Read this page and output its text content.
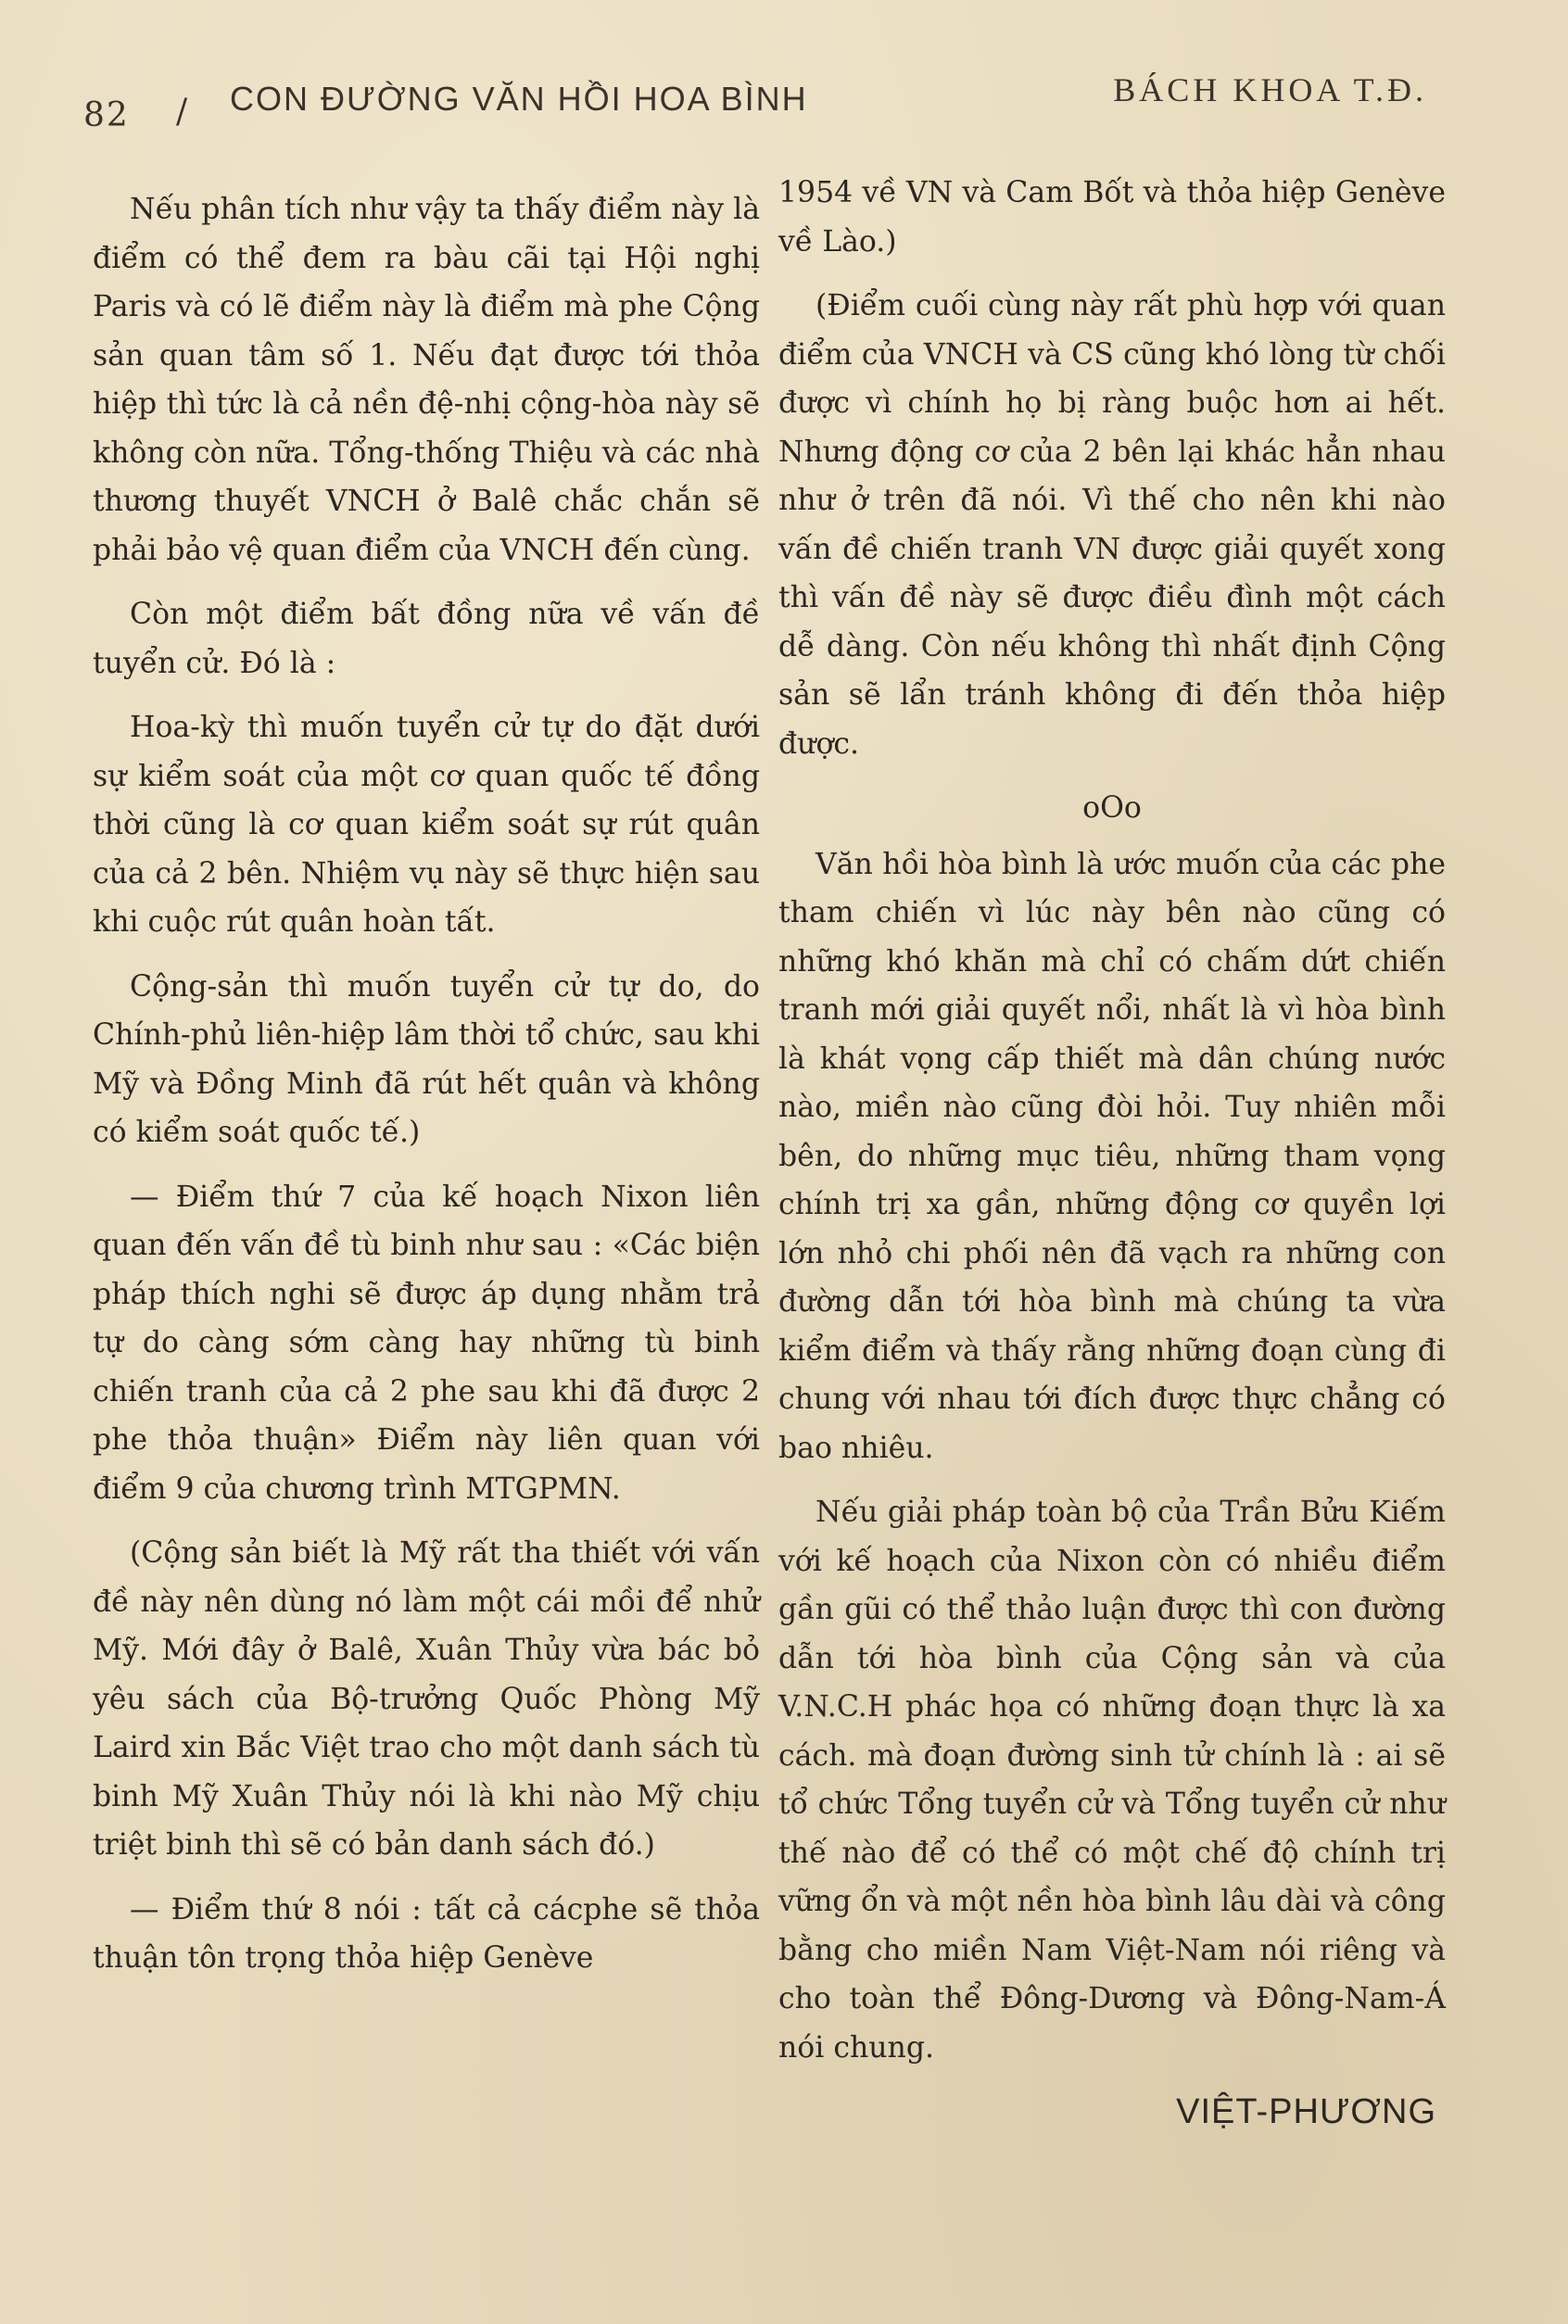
82 / CON ĐƯỜNG VĂN HỒI HOA BÌNH	BÁCH KHOA T.Đ.

Nếu phân tích như vậy ta thấy điểm này là điểm có thể đem ra bàu cãi tại Hội nghị Paris và có lẽ điểm này là điểm mà phe Cộng sản quan tâm số 1. Nếu đạt được tới thỏa hiệp thì tức là cả nền đệ-nhị cộng-hòa này sẽ không còn nữa. Tổng-thống Thiệu và các nhà thương thuyết VNCH ở Balê chắc chắn sẽ phải bảo vệ quan điểm của VNCH đến cùng.

Còn một điểm bất đồng nữa về vấn đề tuyển cử. Đó là :

Hoa-kỳ thì muốn tuyển cử tự do đặt dưới sự kiểm soát của một cơ quan quốc tế đồng thời cũng là cơ quan kiểm soát sự rút quân của cả 2 bên. Nhiệm vụ này sẽ thực hiện sau khi cuộc rút quân hoàn tất.

Cộng-sản thì muốn tuyển cử tự do, do Chính-phủ liên-hiệp lâm thời tổ chức, sau khi Mỹ và Đồng Minh đã rút hết quân và không có kiểm soát quốc tế.)

— Điểm thứ 7 của kế hoạch Nixon liên quan đến vấn đề tù binh như sau : «Các biện pháp thích nghi sẽ được áp dụng nhằm trả tự do càng sớm càng hay những tù binh chiến tranh của cả 2 phe sau khi đã được 2 phe thỏa thuận» Điểm này liên quan với điểm 9 của chương trình MTGPMN.

(Cộng sản biết là Mỹ rất tha thiết với vấn đề này nên dùng nó làm một cái mồi để nhử Mỹ. Mới đây ở Balê, Xuân Thủy vừa bác bỏ yêu sách của Bộ-trưởng Quốc Phòng Mỹ Laird xin Bắc Việt trao cho một danh sách tù binh Mỹ Xuân Thủy nói là khi nào Mỹ chịu triệt binh thì sẽ có bản danh sách đó.)

— Điểm thứ 8 nói : tất cả cácphe sẽ thỏa thuận tôn trọng thỏa hiệp Genève

1954 về VN và Cam Bốt và thỏa hiệp Genève về Lào.)

(Điểm cuối cùng này rất phù hợp với quan điểm của VNCH và CS cũng khó lòng từ chối được vì chính họ bị ràng buộc hơn ai hết. Nhưng động cơ của 2 bên lại khác hẳn nhau như ở trên đã nói. Vì thế cho nên khi nào vấn đề chiến tranh VN được giải quyết xong thì vấn đề này sẽ được điều đình một cách dễ dàng. Còn nếu không thì nhất định Cộng sản sẽ lẩn tránh không đi đến thỏa hiệp được.

oOo

Văn hồi hòa bình là ước muốn của các phe tham chiến vì lúc này bên nào cũng có những khó khăn mà chỉ có chấm dứt chiến tranh mới giải quyết nổi, nhất là vì hòa bình là khát vọng cấp thiết mà dân chúng nước nào, miền nào cũng đòi hỏi. Tuy nhiên mỗi bên, do những mục tiêu, những tham vọng chính trị xa gần, những động cơ quyền lợi lớn nhỏ chi phối nên đã vạch ra những con đường dẫn tới hòa bình mà chúng ta vừa kiểm điểm và thấy rằng những đoạn cùng đi chung với nhau tới đích được thực chẳng có bao nhiêu.

Nếu giải pháp toàn bộ của Trần Bửu Kiếm với kế hoạch của Nixon còn có nhiều điểm gần gũi có thể thảo luận được thì con đường dẫn tới hòa bình của Cộng sản và của V.N.C.H phác họa có những đoạn thực là xa cách. mà đoạn đường sinh tử chính là : ai sẽ tổ chức Tổng tuyển cử và Tổng tuyển cử như thế nào để có thể có một chế độ chính trị vững ổn và một nền hòa bình lâu dài và công bằng cho miền Nam Việt-Nam nói riêng và cho toàn thể Đông-Dương và Đông-Nam-Á nói chung.

VIỆT-PHƯƠNG
